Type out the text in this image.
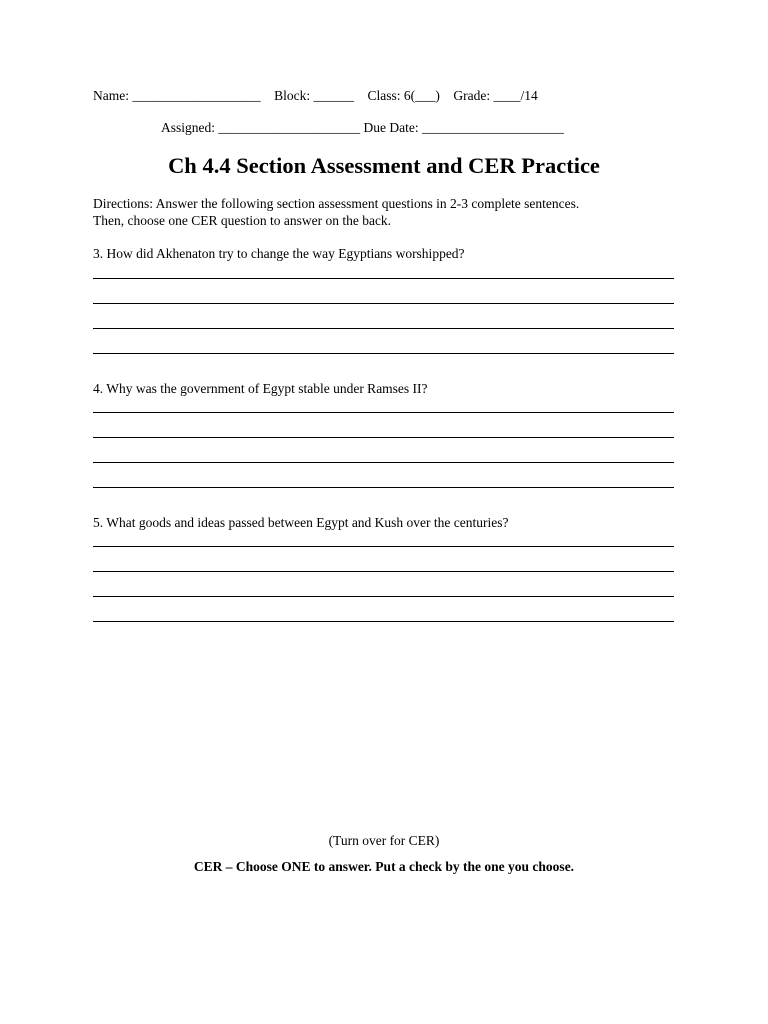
Name: ___________________ Block: ______ Class: 6(___) Grade: ____/14
Assigned: _____________________ Due Date: _____________________
Ch 4.4 Section Assessment and CER Practice
Directions: Answer the following section assessment questions in 2-3 complete sentences.
Then, choose one CER question to answer on the back.
3. How did Akhenaton try to change the way Egyptians worshipped?
4. Why was the government of Egypt stable under Ramses II?
5. What goods and ideas passed between Egypt and Kush over the centuries?
(Turn over for CER)
CER – Choose ONE to answer. Put a check by the one you choose.
